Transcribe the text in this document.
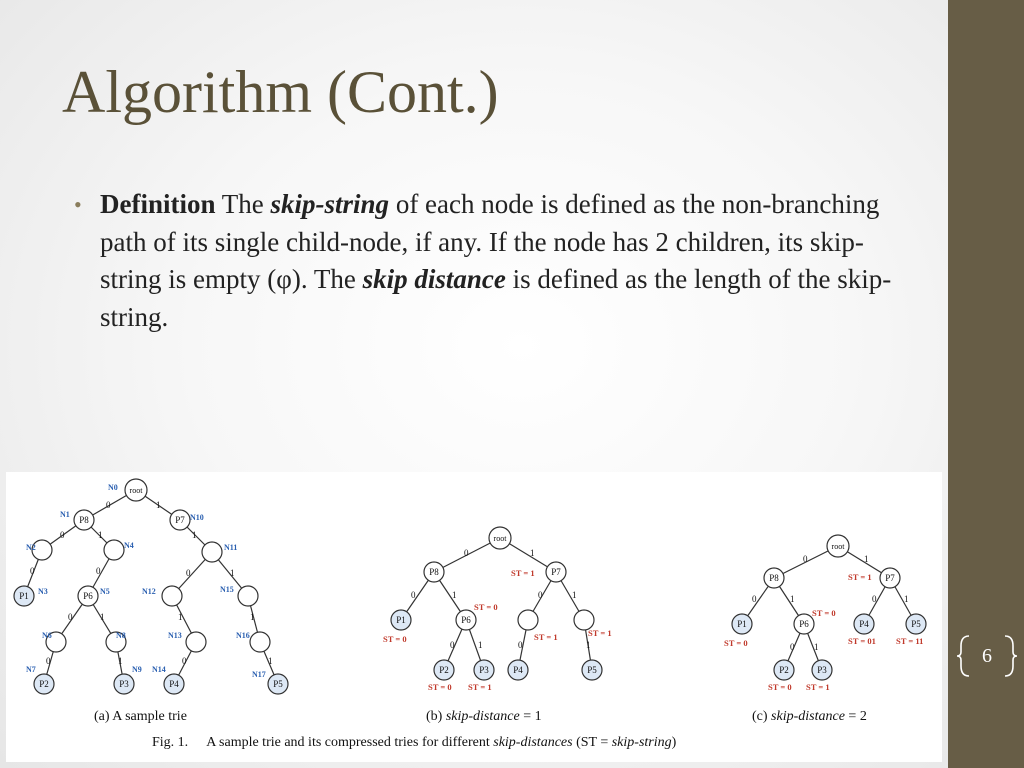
Algorithm (Cont.)
• Definition The skip-string of each node is defined as the non-branching path of its single child-node, if any. If the node has 2 children, its skip-string is empty (φ). The skip distance is defined as the length of the skip-string.
root
P8	P7
P1	P6
P2	P3	P4	P5
N0
N1	N10
N2	N4	N11
N3	N5	N12	N15
N6	N8	N13	N16
N7	N9 N14
N17
0	1
0	1	1
0	0	0	1
0	1	1	1
0	1	0	1
root
P8	P7
P1	P6
P2	P3	P4	P5
0	1
0	1	0	1
0	1	0	1
ST = 1
ST = 0
ST = 0	ST = 1	ST = 1
ST = 0 ST = 1
root
P8	P7
P1	P6	P4	P5
P2	P3
0	1
0	1	0	1
0 1
ST = 1
ST = 0
ST = 0	ST = 01 ST = 11
ST = 0 ST = 1
(a) A sample trie	(b) skip-distance = 1	(c) skip-distance = 2
Fig. 1. A sample trie and its compressed tries for different skip-distances (ST = skip-string)
6
